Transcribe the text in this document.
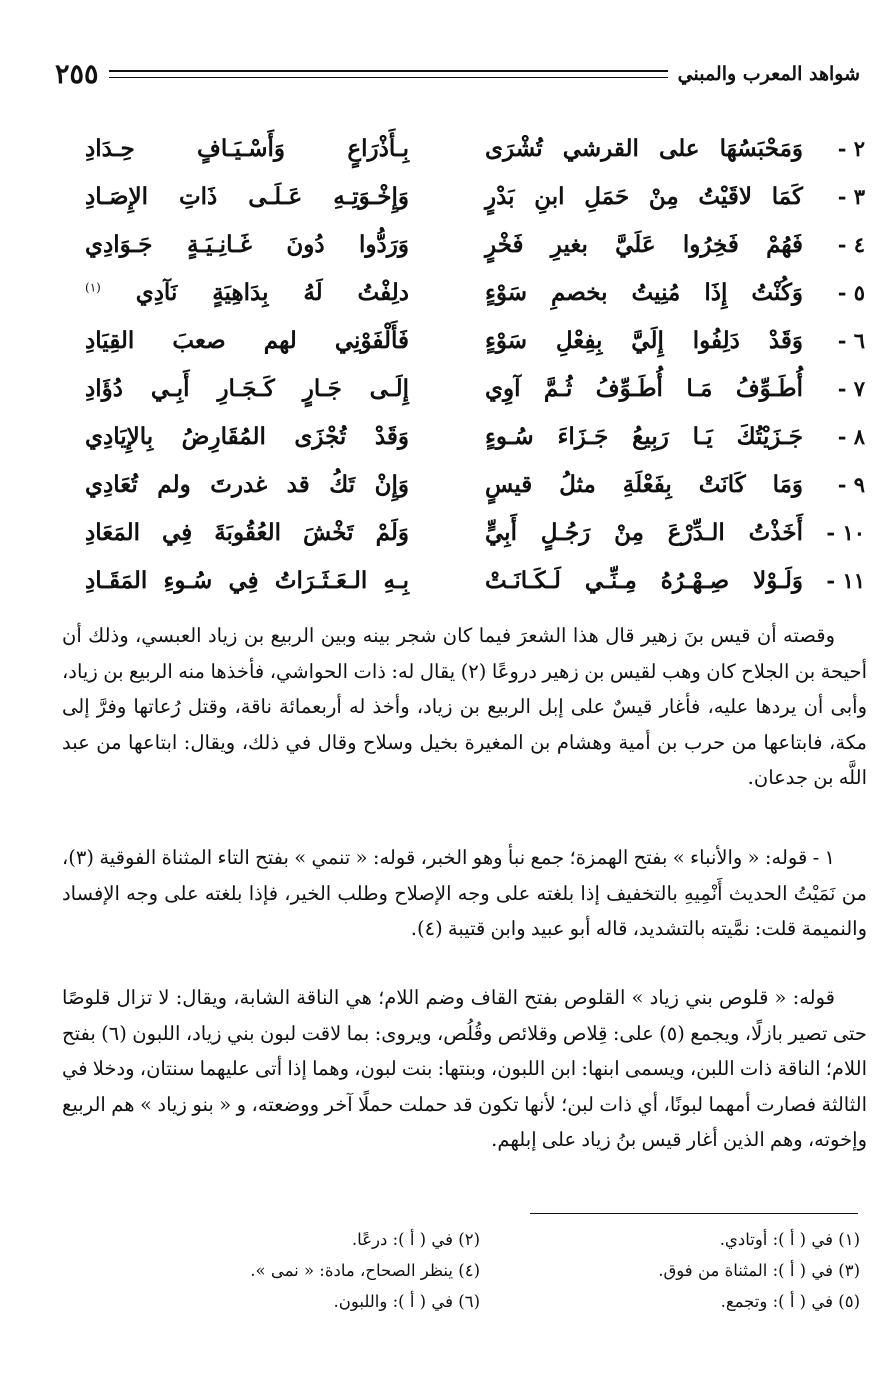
شواهد المعرب والمبني
٢٥٥
٢ -
وَمَحْبَسُهَا على القرشي تُشْرَى
بِـأَذْرَاعٍ وَأَسْـيَـافٍ حِـدَادِ
٣ -
كَمَا لاقَيْتُ مِنْ حَمَلِ ابنِ بَدْرٍ
وَإِخْـوَتِـهِ عَـلَـى ذَاتِ الإِصَـادِ
٤ -
فَهُمْ فَخِرُوا عَلَيَّ بغيرِ فَخْرٍ
وَرَدُّوا دُونَ غَـانِـيَـةٍ جَـوَادِي
٥ -
وَكُنْتُ إِذَا مُنِيتُ بخصمِ سَوْءٍ
دلِفْتُ لَهُ بِدَاهِيَةٍ نَآدِي $^{(١)}$
٦ -
وَقَدْ دَلِفُوا إِلَيَّ بِفِعْلِ سَوْءٍ
فَأَلْفَوْنِي لهم صعبَ القِيَادِ
٧ -
أُطَـوِّفُ مَـا أُطَـوِّفُ ثُـمَّ آوِي
إِلَـى جَـارٍ كَـجَـارِ أَبِـي دُؤَادِ
٨ -
جَـزَيْتُكَ يَـا رَبِيعُ جَـزَاءَ سُـوءٍ
وَقَدْ تُجْزَى المُقَارِضُ بِالإِيَادِي
٩ -
وَمَا كَانَتْ بِفَعْلَةِ مثلُ قيسٍ
وَإِنْ تَكُ قد غدرتَ ولم تُعَادِي
١٠ -
أَخَذْتُ الـدِّرْعَ مِنْ رَجُـلٍ أَبِيٍّ
وَلَمْ تَخْشَ العُقُوبَةَ فِي المَعَادِ
١١ -
وَلَـوْلا صِـهْـرُهُ مِـنِّـي لَـكَـانَـتْ
بِـهِ الـعَـثَـرَاتُ فِي سُـوءِ المَقَـادِ

وقصته أن قيس بنَ زهير قال هذا الشعرَ فيما كان شجر بينه وبين الربيع بن زياد العبسي، وذلك أن أحيحة بن الجلاح كان وهب لقيس بن زهير دروعًا (٢) يقال له: ذات الحواشي، فأخذها منه الربيع بن زياد، وأبى أن يردها عليه، فأغار قيسٌ على إبل الربيع بن زياد، وأخذ له أربعمائة ناقة، وقتل رُعاتها وفرَّ إلى مكة، فابتاعها من حرب بن أمية وهشام بن المغيرة بخيل وسلاح وقال في ذلك، ويقال: ابتاعها من عبد اللَّه بن جدعان.

١ - قوله: « والأنباء » بفتح الهمزة؛ جمع نبأ وهو الخبر، قوله: « تنمي » بفتح التاء المثناة الفوقية (٣)، من نَمَيْتُ الحديث أَنْمِيهِ بالتخفيف إذا بلغته على وجه الإصلاح وطلب الخير، فإذا بلغته على وجه الإفساد والنميمة قلت: نمَّيته بالتشديد، قاله أبو عبيد وابن قتيبة (٤).

قوله: « قلوص بني زياد » القلوص بفتح القاف وضم اللام؛ هي الناقة الشابة، ويقال: لا تزال قلوصًا حتى تصير بازلًا، ويجمع (٥) على: قِلاص وقلائص وقُلُص، ويروى: بما لاقت لبون بني زياد، اللبون (٦) بفتح اللام؛ الناقة ذات اللبن، ويسمى ابنها: ابن اللبون، وبنتها: بنت لبون، وهما إذا أتى عليهما سنتان، ودخلا في الثالثة فصارت أمهما لبونًا، أي ذات لبن؛ لأنها تكون قد حملت حملًا آخر ووضعته، و « بنو زياد » هم الربيع وإخوته، وهم الذين أغار قيس بنُ زياد على إبلهم.

(١) في ( أ ): أوتادي.
(٢) في ( أ ): درعًا.
(٣) في ( أ ): المثناة من فوق.
(٤) ينظر الصحاح، مادة: « نمى ».
(٥) في ( أ ): وتجمع.
(٦) في ( أ ): واللبون.
